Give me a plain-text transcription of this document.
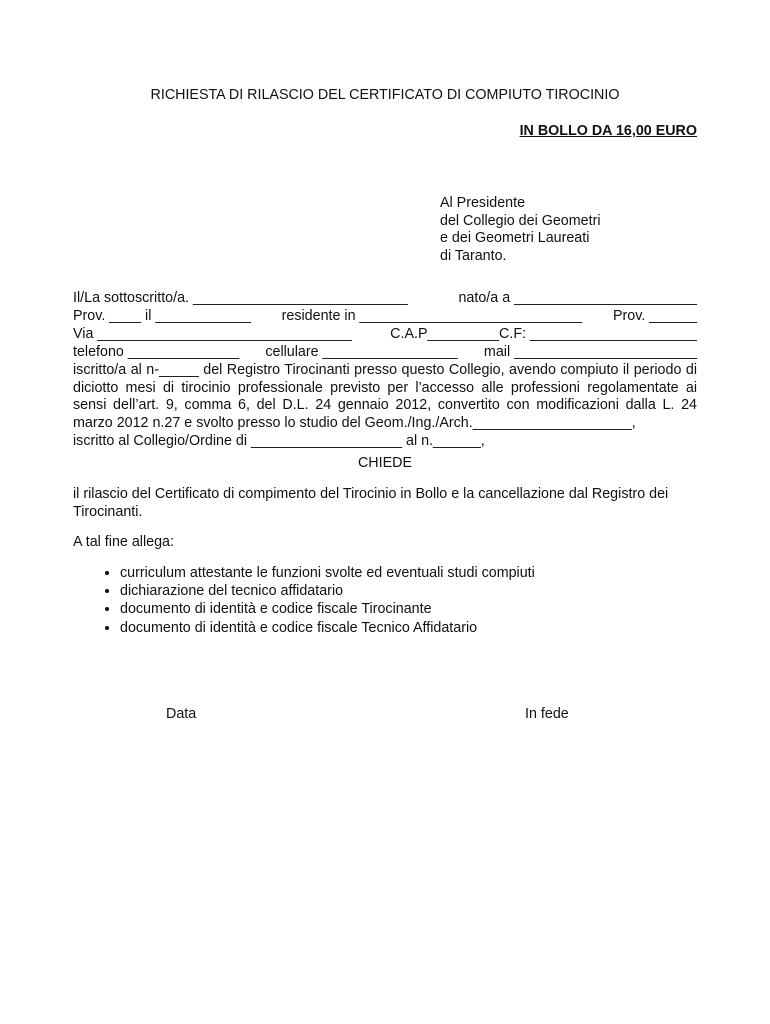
RICHIESTA DI RILASCIO DEL CERTIFICATO DI COMPIUTO TIROCINIO
IN BOLLO DA 16,00 EURO
Al Presidente
del Collegio dei Geometri
e dei Geometri Laureati
di Taranto.
Il/La sottoscritto/a. ___________________________	nato/a a _______________________
Prov. ____ il ____________ residente in ____________________________ Prov. ______
Via ________________________________	C.A.P_________C.F: _____________________
telefono ______________ cellulare _________________ mail _______________________
iscritto/a al n-_____ del Registro Tirocinanti presso questo Collegio, avendo compiuto il periodo di diciotto mesi di tirocinio professionale previsto per l’accesso alle professioni regolamentate ai sensi dell’art. 9, comma 6, del D.L. 24 gennaio 2012, convertito con modificazioni dalla L. 24 marzo 2012 n.27 e svolto presso lo studio del Geom./Ing./Arch.____________________,
iscritto al Collegio/Ordine di ___________________ al n.______,
CHIEDE
il rilascio del Certificato di compimento del Tirocinio in Bollo e la cancellazione dal Registro dei Tirocinanti.
A tal fine allega:
• curriculum attestante le funzioni svolte ed eventuali studi compiuti
• dichiarazione del tecnico affidatario
• documento di identità e codice fiscale Tirocinante
• documento di identità e codice fiscale Tecnico Affidatario
Data	In fede
